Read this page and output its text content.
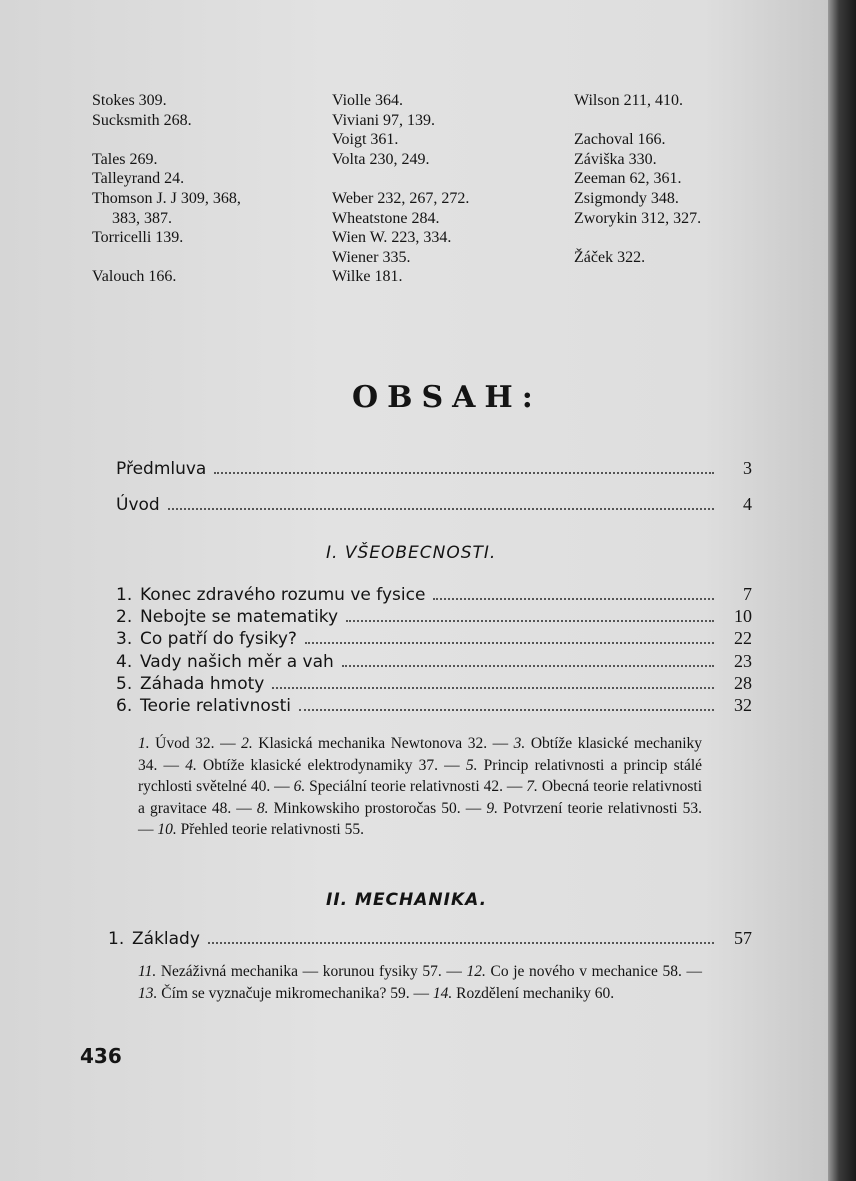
Stokes 309.
Sucksmith 268.
Tales 269.
Talleyrand 24.
Thomson J. J 309, 368,
383, 387.
Torricelli 139.
Valouch 166.
Violle 364.
Viviani 97, 139.
Voigt 361.
Volta 230, 249.
Weber 232, 267, 272.
Wheatstone 284.
Wien W. 223, 334.
Wiener 335.
Wilke 181.
Wilson 211, 410.
Zachoval 166.
Záviška 330.
Zeeman 62, 361.
Zsigmondy 348.
Zworykin 312, 327.
Žáček 322.
OBSAH:
Předmluva	3
Úvod	4
I. VŠEOBECNOSTI.
1. Konec zdravého rozumu ve fysice	7
2. Nebojte se matematiky	10
3. Co patří do fysiky?	22
4. Vady našich měr a vah	23
5. Záhada hmoty	28
6. Teorie relativnosti	32
1. Úvod 32. — 2. Klasická mechanika Newtonova 32. — 3. Obtíže klasické mechaniky 34. — 4. Obtíže klasické elektrodynamiky 37. — 5. Princip relativnosti a princip stálé rychlosti světelné 40. — 6. Speciální teorie relativnosti 42. — 7. Obecná teorie relativnosti a gravitace 48. — 8. Minkowskiho prostoročas 50. — 9. Potvrzení teorie relativnosti 53. — 10. Přehled teorie relativnosti 55.
II. MECHANIKA.
1. Základy	57
11. Nezáživná mechanika — korunou fysiky 57. — 12. Co je nového v mechanice 58. — 13. Čím se vyznačuje mikromechanika? 59. — 14. Rozdělení mechaniky 60.
436
